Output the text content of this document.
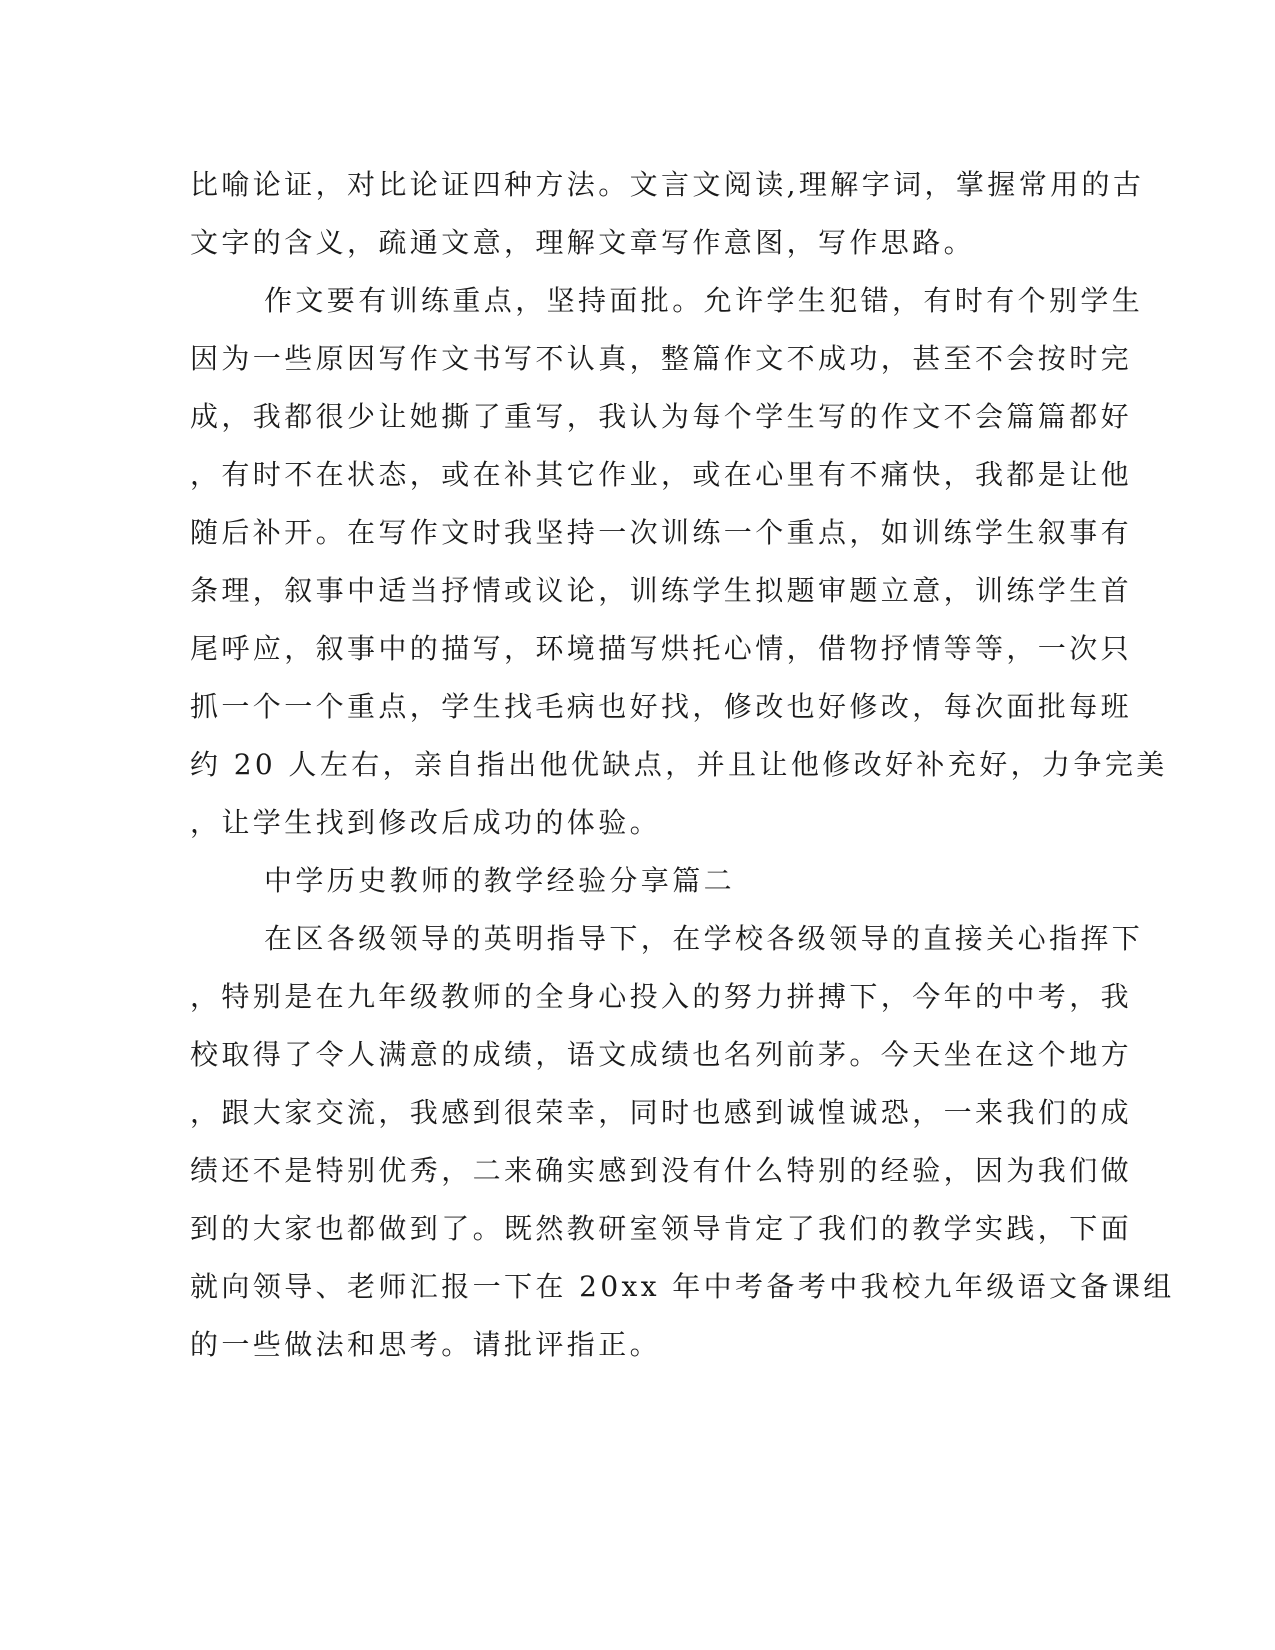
比喻论证，对比论证四种方法。文言文阅读,理解字词，掌握常用的古
文字的含义，疏通文意，理解文章写作意图，写作思路。
作文要有训练重点，坚持面批。允许学生犯错，有时有个别学生
因为一些原因写作文书写不认真，整篇作文不成功，甚至不会按时完
成，我都很少让她撕了重写，我认为每个学生写的作文不会篇篇都好
，有时不在状态，或在补其它作业，或在心里有不痛快，我都是让他
随后补开。在写作文时我坚持一次训练一个重点，如训练学生叙事有
条理，叙事中适当抒情或议论，训练学生拟题审题立意，训练学生首
尾呼应，叙事中的描写，环境描写烘托心情，借物抒情等等，一次只
抓一个一个重点，学生找毛病也好找，修改也好修改，每次面批每班
约 20 人左右，亲自指出他优缺点，并且让他修改好补充好，力争完美
，让学生找到修改后成功的体验。
中学历史教师的教学经验分享篇二
在区各级领导的英明指导下，在学校各级领导的直接关心指挥下
，特别是在九年级教师的全身心投入的努力拼搏下，今年的中考，我
校取得了令人满意的成绩，语文成绩也名列前茅。今天坐在这个地方
，跟大家交流，我感到很荣幸，同时也感到诚惶诚恐，一来我们的成
绩还不是特别优秀，二来确实感到没有什么特别的经验，因为我们做
到的大家也都做到了。既然教研室领导肯定了我们的教学实践，下面
就向领导、老师汇报一下在 20xx 年中考备考中我校九年级语文备课组
的一些做法和思考。请批评指正。
